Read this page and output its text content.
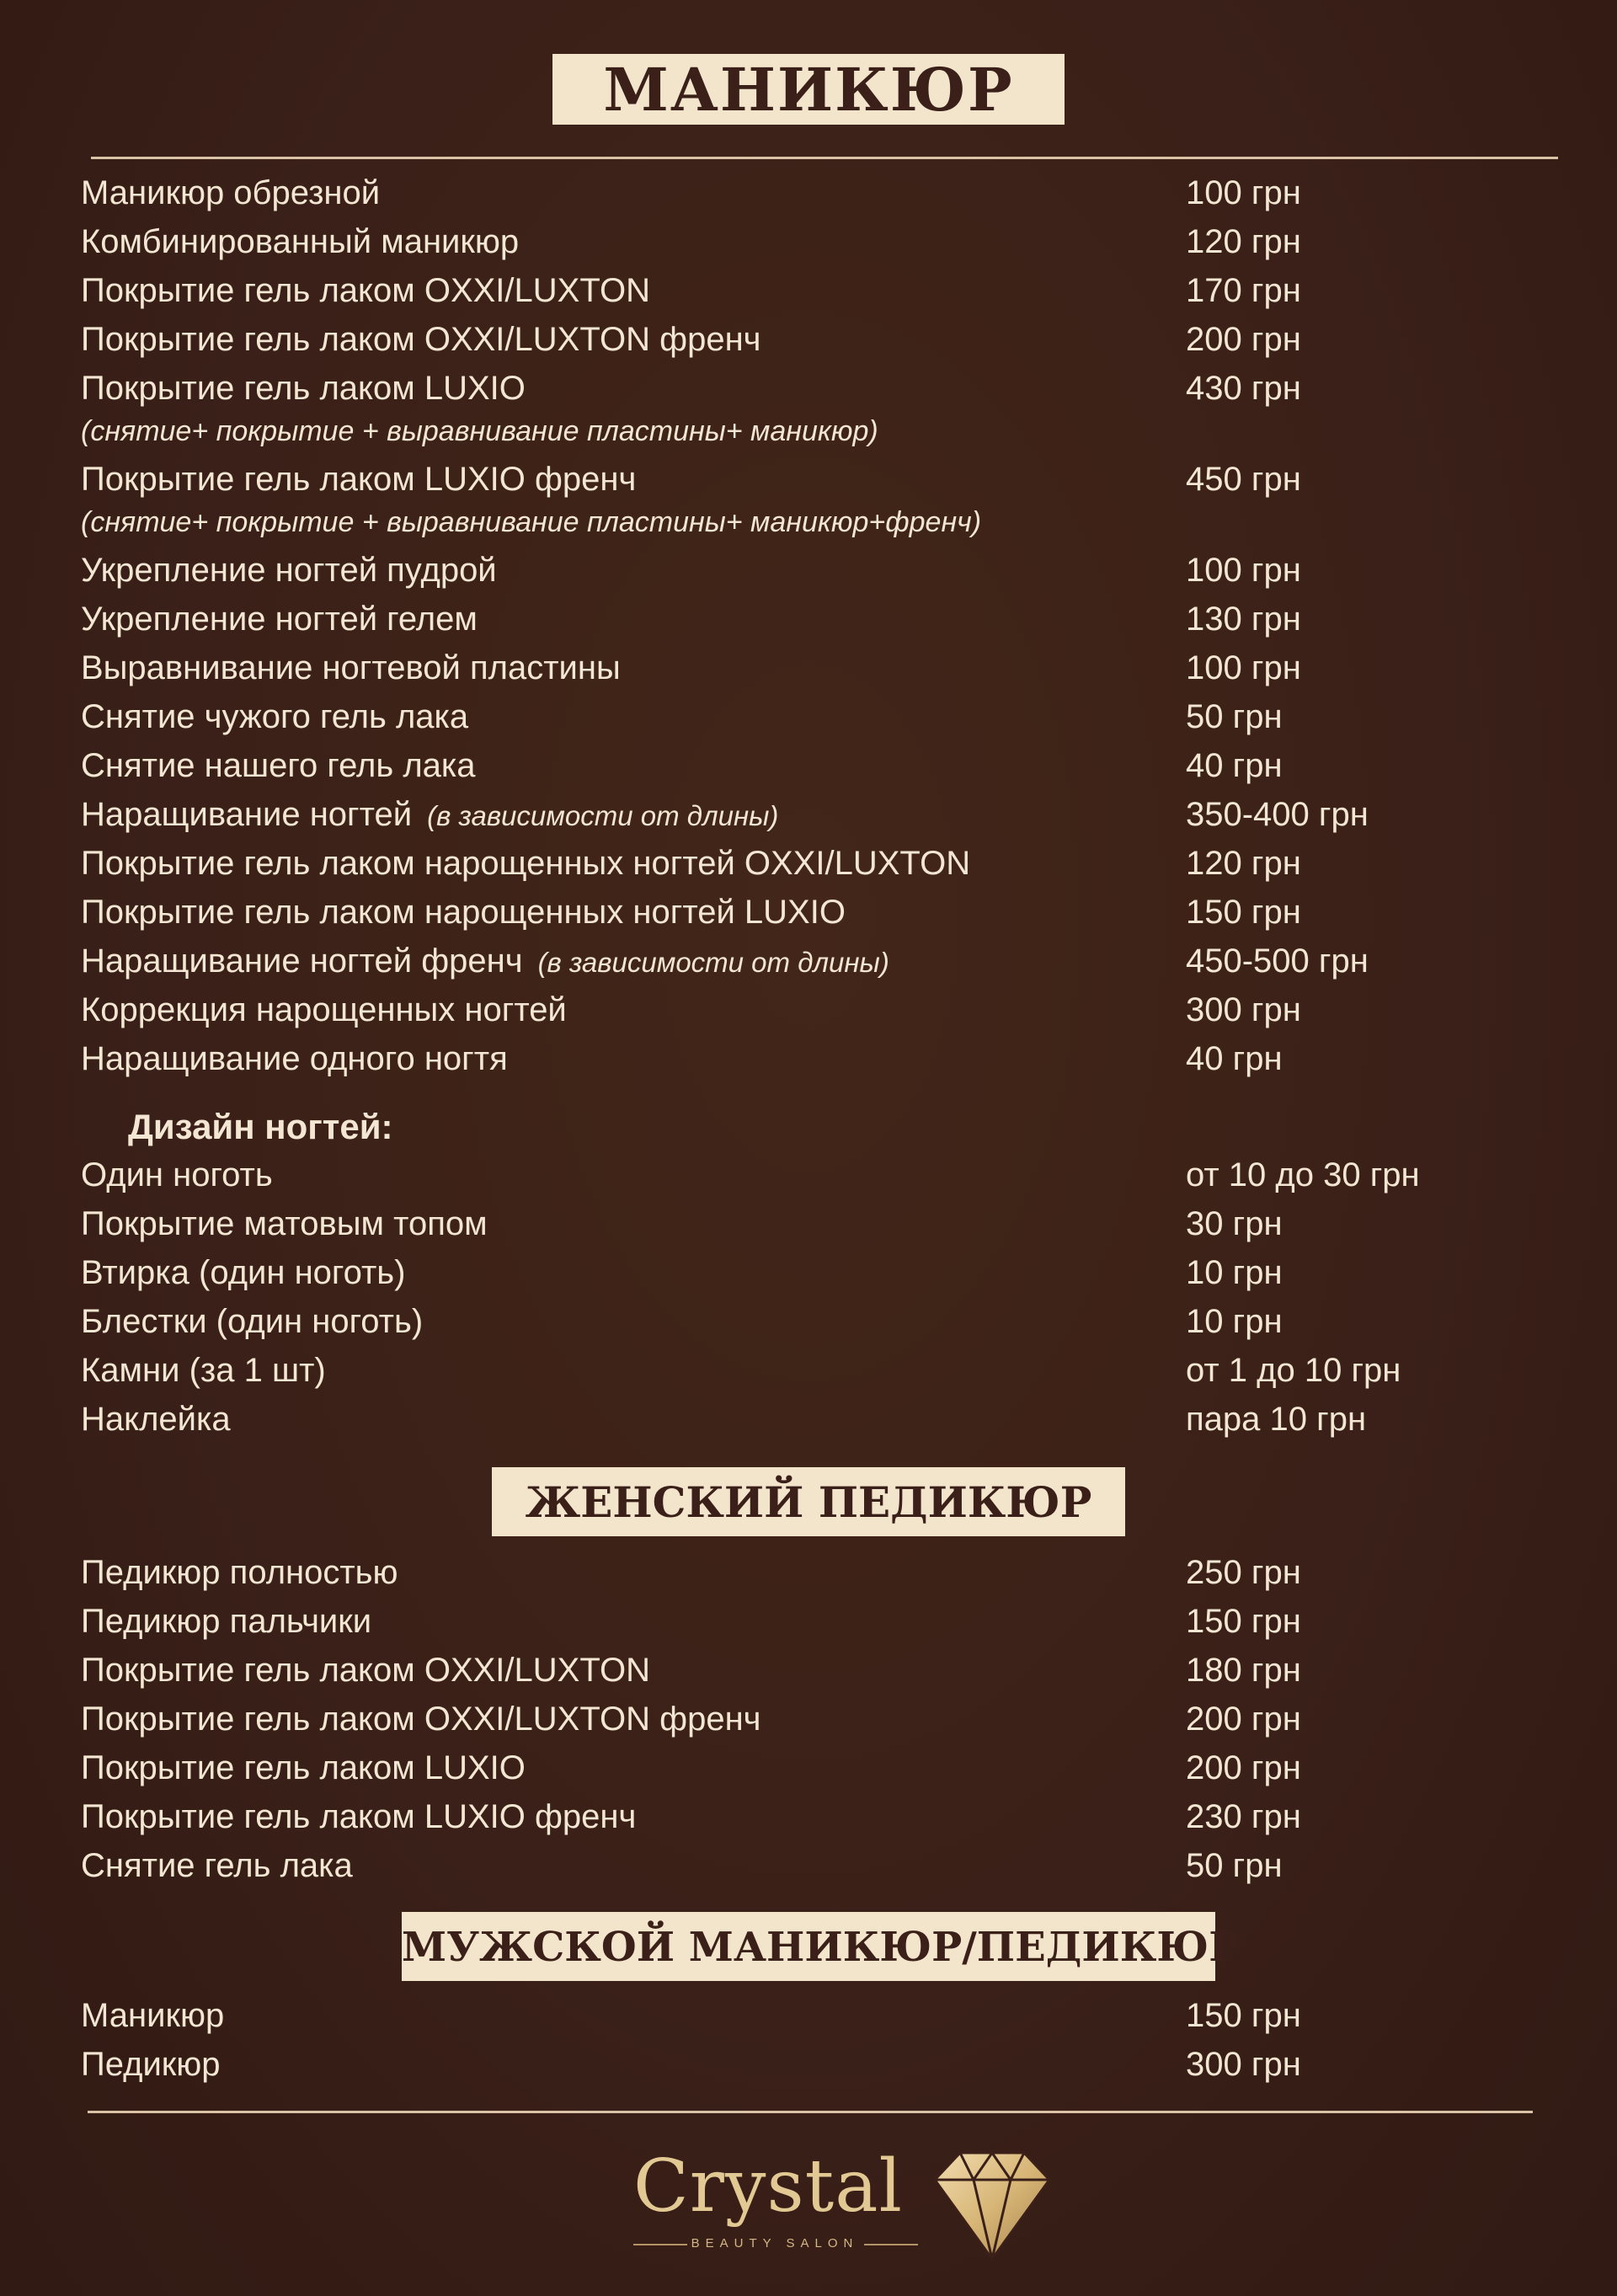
МАНИКЮР
Маникюр обрезной	100 грн
Комбинированный маникюр	120 грн
Покрытие гель лаком OXXI/LUXTON	170 грн
Покрытие гель лаком OXXI/LUXTON френч	200 грн
Покрытие гель лаком LUXIO	430 грн
(снятие+ покрытие + выравнивание пластины+ маникюр)
Покрытие гель лаком LUXIO френч	450 грн
(снятие+ покрытие + выравнивание пластины+ маникюр+френч)
Укрепление ногтей пудрой	100 грн
Укрепление ногтей гелем	130 грн
Выравнивание ногтевой пластины	100 грн
Снятие чужого гель лака	50 грн
Снятие нашего гель лака	40 грн
Наращивание ногтей (в зависимости от длины)	350-400 грн
Покрытие гель лаком нарощенных ногтей OXXI/LUXTON	120 грн
Покрытие гель лаком нарощенных ногтей LUXIO	150 грн
Наращивание ногтей френч (в зависимости от длины)	450-500 грн
Коррекция нарощенных ногтей	300 грн
Наращивание одного ногтя	40 грн
Дизайн ногтей:
Один ноготь	от 10 до 30 грн
Покрытие матовым топом	30 грн
Втирка (один ноготь)	10 грн
Блестки (один ноготь)	10 грн
Камни (за 1 шт)	от 1 до 10 грн
Наклейка	пара 10 грн
ЖЕНСКИЙ ПЕДИКЮР
Педикюр полностью	250 грн
Педикюр пальчики	150 грн
Покрытие гель лаком OXXI/LUXTON	180 грн
Покрытие гель лаком OXXI/LUXTON френч	200 грн
Покрытие гель лаком LUXIO	200 грн
Покрытие гель лаком LUXIO френч	230 грн
Снятие гель лака	50 грн
МУЖСКОЙ МАНИКЮР/ПЕДИКЮР
Маникюр	150 грн
Педикюр	300 грн
Crystal
BEAUTY SALON
